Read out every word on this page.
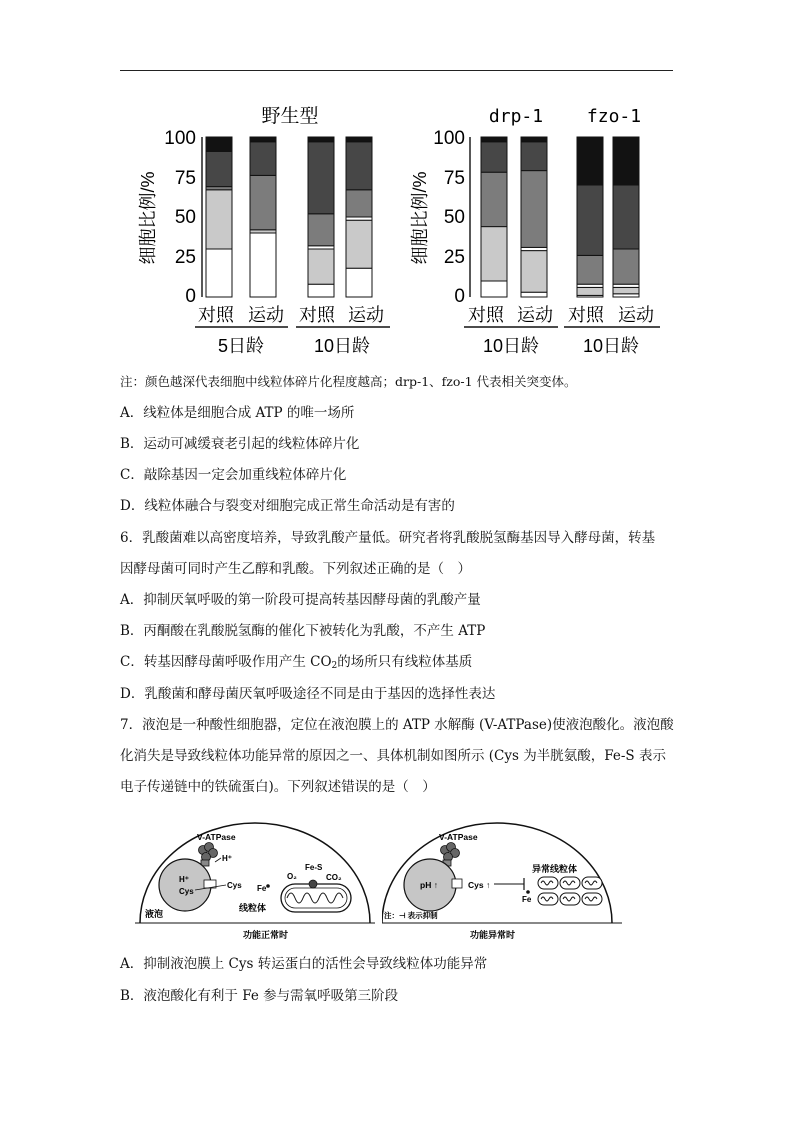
野生型
细胞比例/%
100
75
50
25
0
对照 运动 对照 运动
5日龄	10日龄
drp-1 fzo-1
细胞比例/%
100
75
50
25
0
对照 运动 对照 运动
10日龄 10日龄
注：颜色越深代表细胞中线粒体碎片化程度越高；drp-1、fzo-1 代表相关突变体。
A．线粒体是细胞合成 ATP 的唯一场所
B．运动可减缓衰老引起的线粒体碎片化
C．敲除基因一定会加重线粒体碎片化
D．线粒体融合与裂变对细胞完成正常生命活动是有害的
6．乳酸菌难以高密度培养，导致乳酸产量低。研究者将乳酸脱氢酶基因导入酵母菌，转基
因酵母菌可同时产生乙醇和乳酸。下列叙述正确的是（　）
A．抑制厌氧呼吸的第一阶段可提高转基因酵母菌的乳酸产量
B．丙酮酸在乳酸脱氢酶的催化下被转化为乳酸，不产生 ATP
C．转基因酵母菌呼吸作用产生 $CO_2$的场所只有线粒体基质
D．乳酸菌和酵母菌厌氧呼吸途径不同是由于基因的选择性表达
7．液泡是一种酸性细胞器，定位在液泡膜上的 ATP 水解酶 (V-ATPase)使液泡酸化。液泡酸
化消失是导致线粒体功能异常的原因之一、具体机制如图所示 (Cys 为半胱氨酸，Fe-S 表示
电子传递链中的铁硫蛋白)。下列叙述错误的是（　）
V-ATPase
H⁺
H⁺
Cys
Cys Fe
O₂
Fe-S
CO₂
液泡
线粒体
功能正常时
V-ATPase
pH ↑	Cys ↑
Fe
异常线粒体
注：⊣ 表示抑制
功能异常时
A．抑制液泡膜上 Cys 转运蛋白的活性会导致线粒体功能异常
B．液泡酸化有利于 Fe 参与需氧呼吸第三阶段
